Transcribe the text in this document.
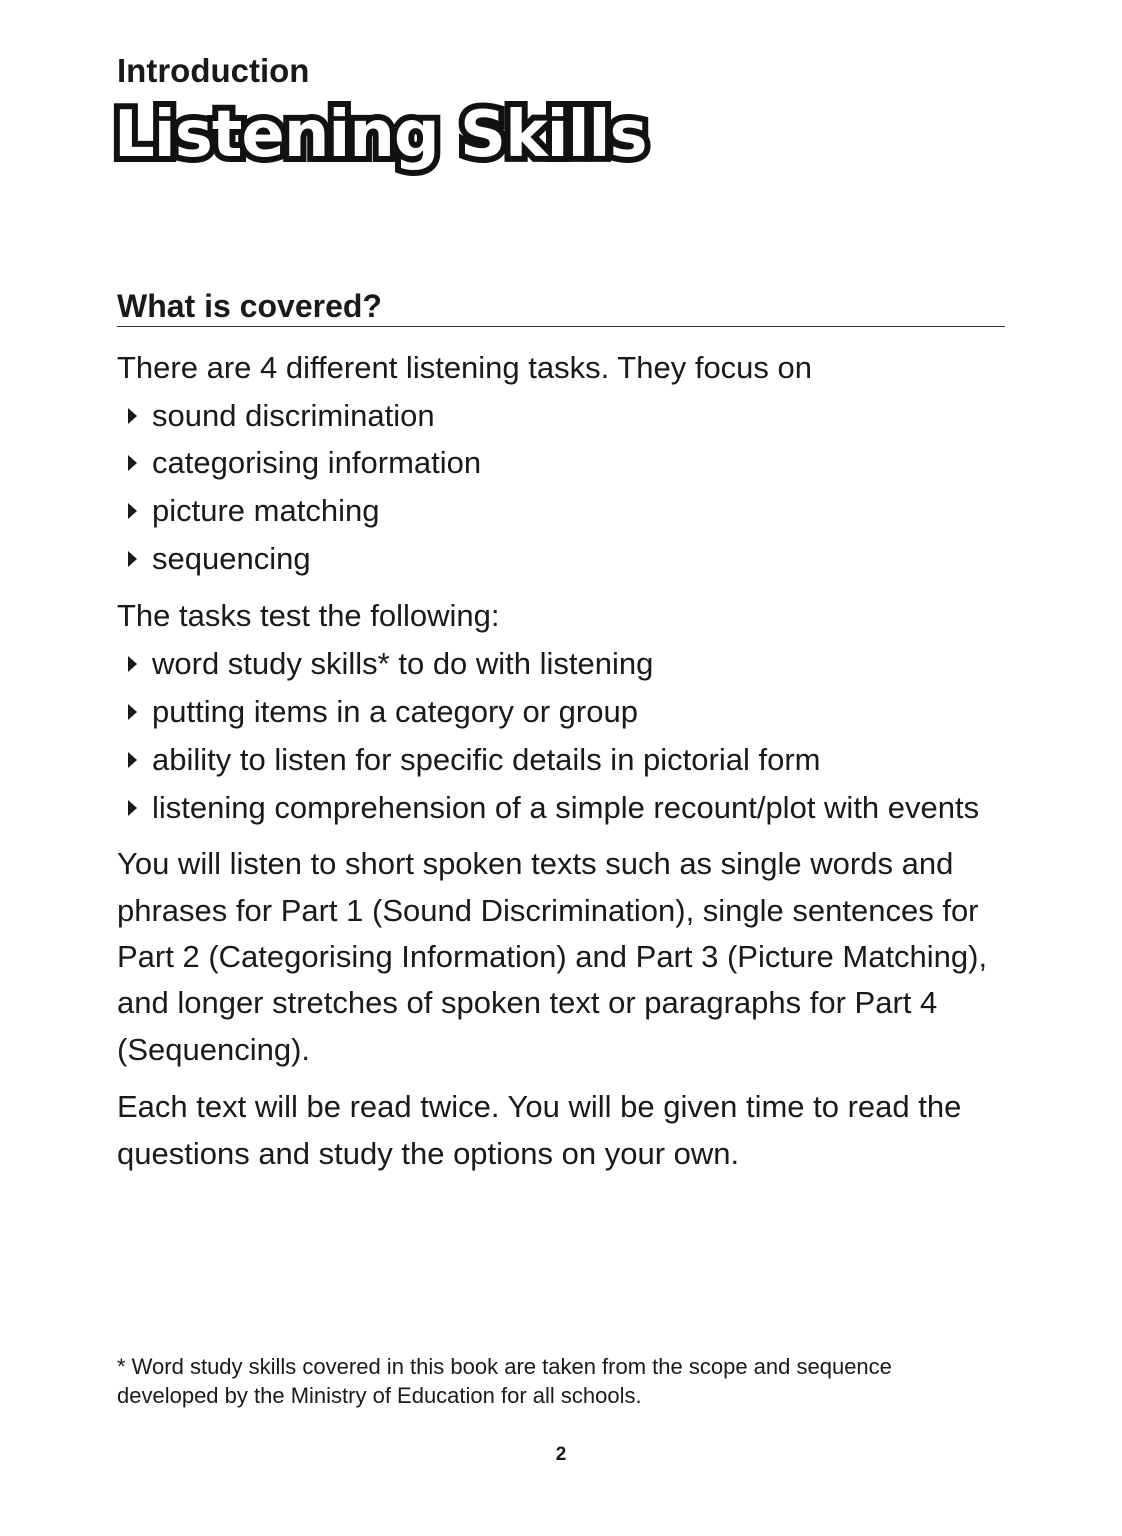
Introduction
Listening Skills
What is covered?
There are 4 different listening tasks. They focus on
sound discrimination
categorising information
picture matching
sequencing
The tasks test the following:
word study skills* to do with listening
putting items in a category or group
ability to listen for specific details in pictorial form
listening comprehension of a simple recount/plot with events
You will listen to short spoken texts such as single words and
phrases for Part 1 (Sound Discrimination), single sentences for
Part 2 (Categorising Information) and Part 3 (Picture Matching),
and longer stretches of spoken text or paragraphs for Part 4
(Sequencing).
Each text will be read twice. You will be given time to read the
questions and study the options on your own.
* Word study skills covered in this book are taken from the scope and sequence
developed by the Ministry of Education for all schools.
2
